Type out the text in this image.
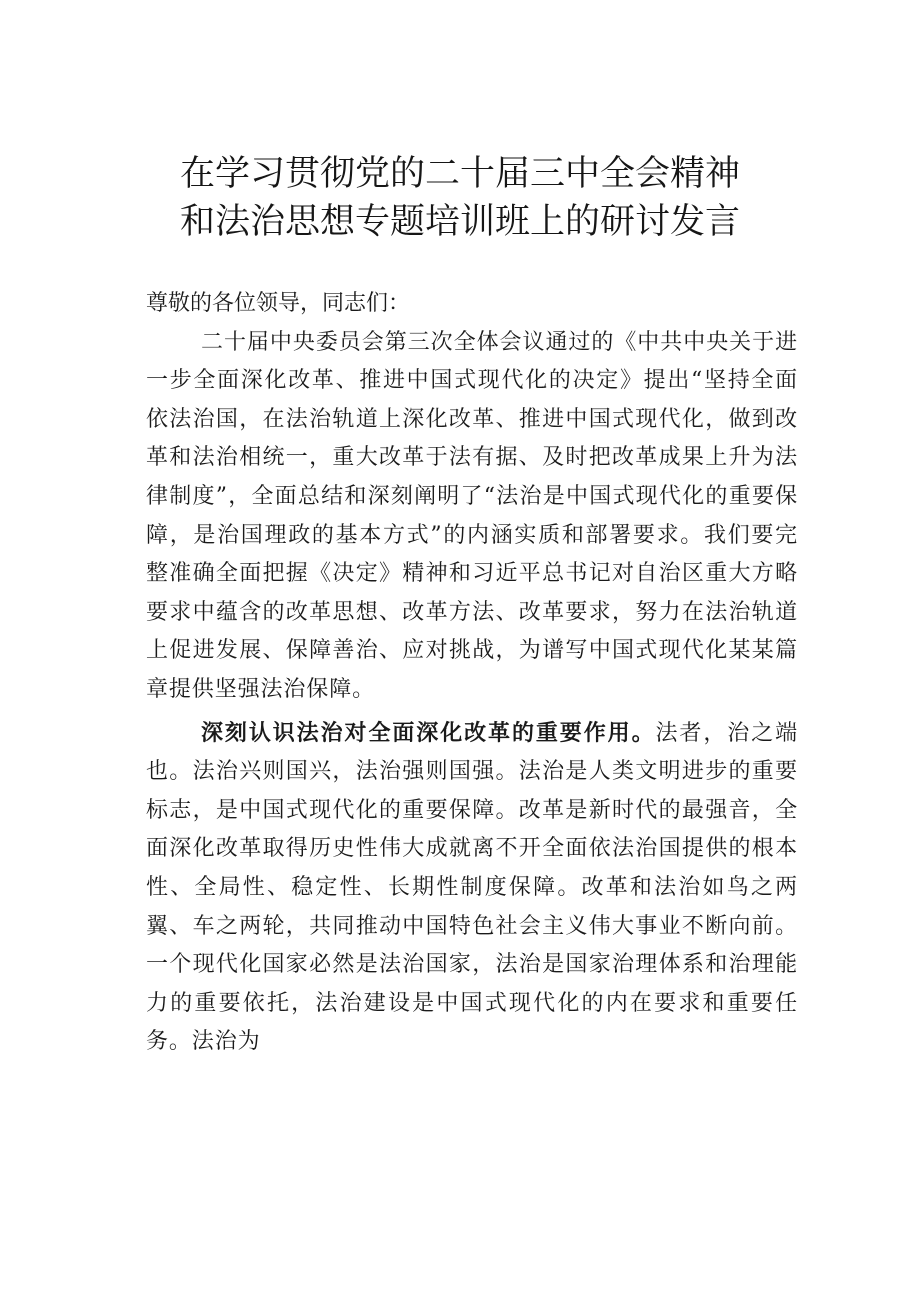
在学习贯彻党的二十届三中全会精神
和法治思想专题培训班上的研讨发言

尊敬的各位领导，同志们：

二十届中央委员会第三次全体会议通过的《中共中央关于进一步全面深化改革、推进中国式现代化的决定》提出“坚持全面依法治国，在法治轨道上深化改革、推进中国式现代化，做到改革和法治相统一，重大改革于法有据、及时把改革成果上升为法律制度”，全面总结和深刻阐明了“法治是中国式现代化的重要保障，是治国理政的基本方式”的内涵实质和部署要求。我们要完整准确全面把握《决定》精神和习近平总书记对自治区重大方略要求中蕴含的改革思想、改革方法、改革要求，努力在法治轨道上促进发展、保障善治、应对挑战，为谱写中国式现代化某某篇章提供坚强法治保障。

深刻认识法治对全面深化改革的重要作用。法者，治之端也。法治兴则国兴，法治强则国强。法治是人类文明进步的重要标志，是中国式现代化的重要保障。改革是新时代的最强音，全面深化改革取得历史性伟大成就离不开全面依法治国提供的根本性、全局性、稳定性、长期性制度保障。改革和法治如鸟之两翼、车之两轮，共同推动中国特色社会主义伟大事业不断向前。一个现代化国家必然是法治国家，法治是国家治理体系和治理能力的重要依托，法治建设是中国式现代化的内在要求和重要任务。法治为
